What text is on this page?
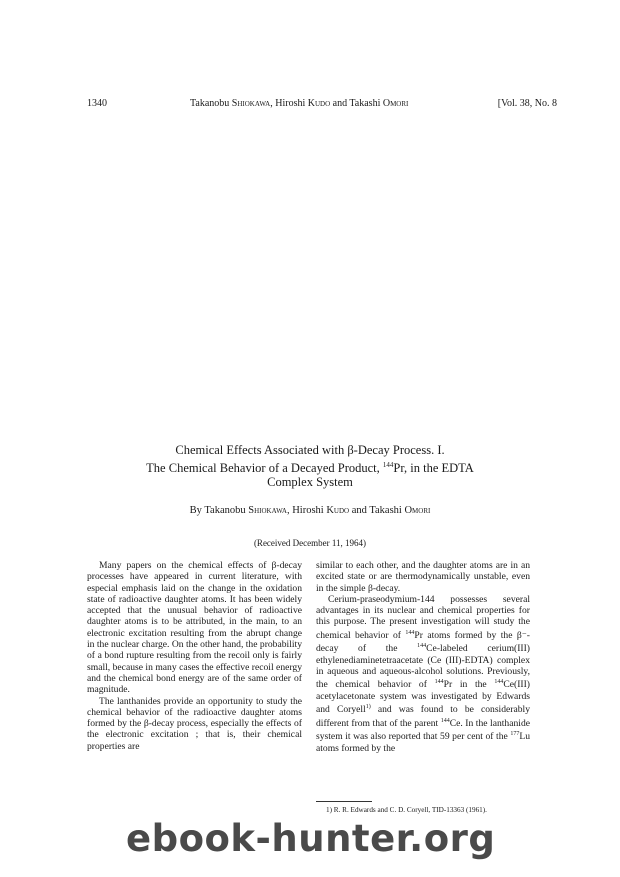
1340	Takanobu Shiokawa, Hiroshi Kudo and Takashi Omori	[Vol. 38, No. 8
Chemical Effects Associated with β-Decay Process. I.
The Chemical Behavior of a Decayed Product, $^{144}$Pr, in the EDTA
Complex System
By Takanobu Shiokawa, Hiroshi Kudo and Takashi Omori
(Received December 11, 1964)

Many papers on the chemical effects of β-decay processes have appeared in current literature, with especial emphasis laid on the change in the oxidation state of radioactive daughter atoms. It has been widely accepted that the unusual behavior of radioactive daughter atoms is to be attributed, in the main, to an electronic excitation resulting from the abrupt change in the nuclear charge. On the other hand, the probability of a bond rupture resulting from the recoil only is fairly small, because in many cases the effective recoil energy and the chemical bond energy are of the same order of magnitude.

The lanthanides provide an opportunity to study the chemical behavior of the radioactive daughter atoms formed by the β-decay process, especially the effects of the electronic excitation ; that is, their chemical properties are

similar to each other, and the daughter atoms are in an excited state or are thermodynamically unstable, even in the simple β-decay.

Cerium-praseodymium-144 possesses several advantages in its nuclear and chemical properties for this purpose. The present investigation will study the chemical behavior of $^{144}$Pr atoms formed by the β⁻-decay of the $^{144}$Ce-labeled cerium(III) ethylenediaminetetraacetate (Ce (III)-EDTA) complex in aqueous and aqueous-alcohol solutions. Previously, the chemical behavior of $^{144}$Pr in the $^{144}$Ce(III) acetylacetonate system was investigated by Edwards and Coryell$^{1)}$ and was found to be considerably different from that of the parent $^{144}$Ce. In the lanthanide system it was also reported that 59 per cent of the $^{177}$Lu atoms formed by the

1) R. R. Edwards and C. D. Coryell, TID-13363 (1961).
ebook-hunter.org
